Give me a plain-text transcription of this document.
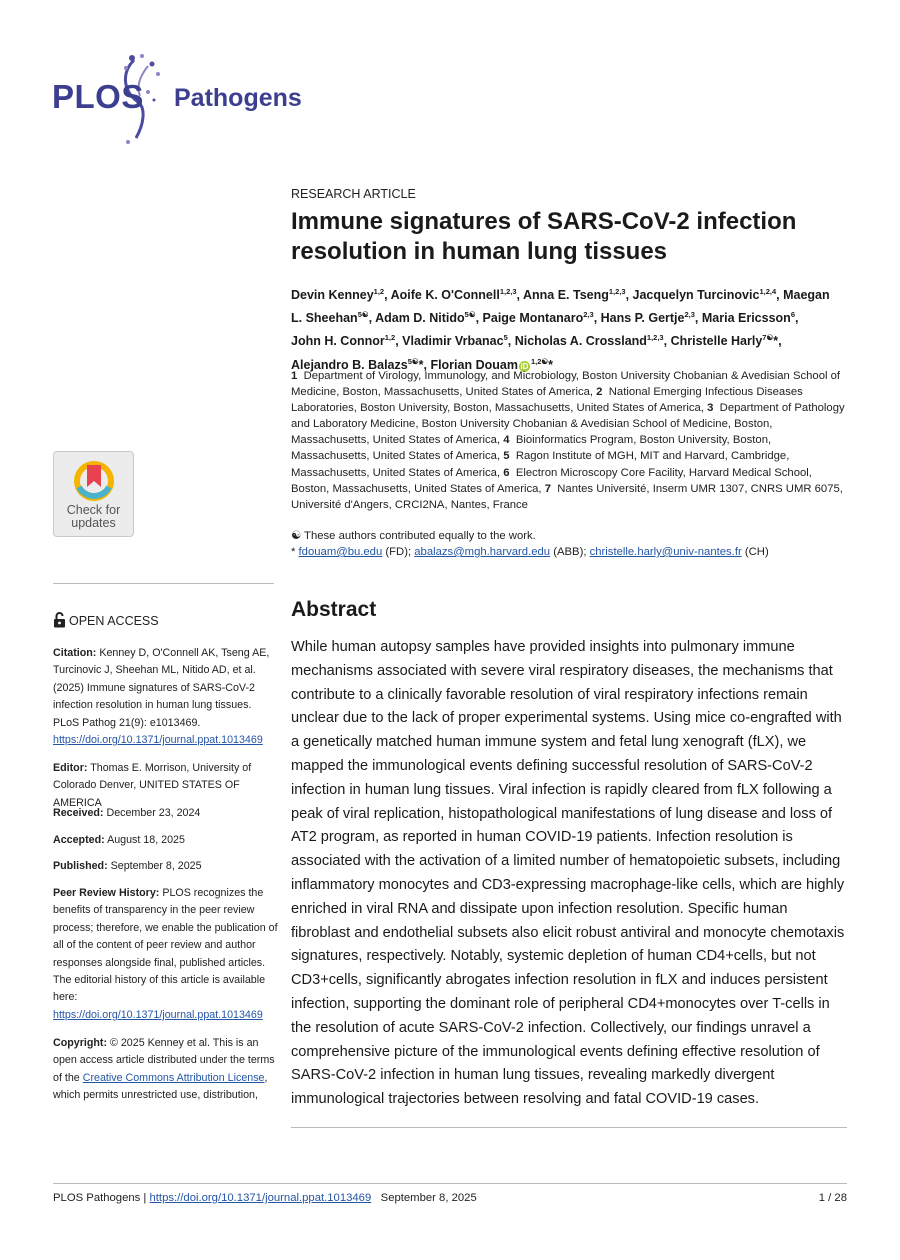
PLOS Pathogens
Check for
updates
OPEN ACCESS
Citation: Kenney D, O'Connell AK, Tseng AE, Turcinovic J, Sheehan ML, Nitido AD, et al. (2025) Immune signatures of SARS-CoV-2 infection resolution in human lung tissues. PLoS Pathog 21(9): e1013469. https://doi.org/10.1371/journal.ppat.1013469
Editor: Thomas E. Morrison, University of Colorado Denver, UNITED STATES OF AMERICA
Received: December 23, 2024
Accepted: August 18, 2025
Published: September 8, 2025
Peer Review History: PLOS recognizes the benefits of transparency in the peer review process; therefore, we enable the publication of all of the content of peer review and author responses alongside final, published articles. The editorial history of this article is available here: https://doi.org/10.1371/journal.ppat.1013469
Copyright: © 2025 Kenney et al. This is an open access article distributed under the terms of the Creative Commons Attribution License, which permits unrestricted use, distribution,
RESEARCH ARTICLE
Immune signatures of SARS-CoV-2 infection resolution in human lung tissues
Devin Kenney$^{1,2}$, Aoife K. O'Connell$^{1,2,3}$, Anna E. Tseng$^{1,2,3}$, Jacquelyn Turcinovic$^{1,2,4}$, Maegan L. Sheehan$^{5☯}$, Adam D. Nitido$^{5☯}$, Paige Montanaro$^{2,3}$, Hans P. Gertje$^{2,3}$, Maria Ericsson$^6$, John H. Connor$^{1,2}$, Vladimir Vrbanac$^5$, Nicholas A. Crossland$^{1,2,3}$, Christelle Harly$^{7☯}$*, Alejandro B. Balazs$^{5☯}$*, Florian Douam $iD^{1,2☯}*$
1 Department of Virology, Immunology, and Microbiology, Boston University Chobanian & Avedisian School of Medicine, Boston, Massachusetts, United States of America, 2 National Emerging Infectious Diseases Laboratories, Boston University, Boston, Massachusetts, United States of America, 3 Department of Pathology and Laboratory Medicine, Boston University Chobanian & Avedisian School of Medicine, Boston, Massachusetts, United States of America, 4 Bioinformatics Program, Boston University, Boston, Massachusetts, United States of America, 5 Ragon Institute of MGH, MIT and Harvard, Cambridge, Massachusetts, United States of America, 6 Electron Microscopy Core Facility, Harvard Medical School, Boston, Massachusetts, United States of America, 7 Nantes Université, Inserm UMR 1307, CNRS UMR 6075, Université d'Angers, CRCI2NA, Nantes, France
☯ These authors contributed equally to the work.
* fdouam@bu.edu (FD); abalazs@mgh.harvard.edu (ABB); christelle.harly@univ-nantes.fr (CH)
Abstract

While human autopsy samples have provided insights into pulmonary immune mechanisms associated with severe viral respiratory diseases, the mechanisms that contribute to a clinically favorable resolution of viral respiratory infections remain unclear due to the lack of proper experimental systems. Using mice co-engrafted with a genetically matched human immune system and fetal lung xenograft (fLX), we mapped the immunological events defining successful resolution of SARS-CoV-2 infection in human lung tissues. Viral infection is rapidly cleared from fLX following a peak of viral replication, histopathological manifestations of lung disease and loss of AT2 program, as reported in human COVID-19 patients. Infection resolution is associated with the activation of a limited number of hematopoietic subsets, including inflammatory monocytes and CD3-expressing macrophage-like cells, which are highly enriched in viral RNA and dissipate upon infection resolution. Specific human fibroblast and endothelial subsets also elicit robust antiviral and monocyte chemotaxis signatures, respectively. Notably, systemic depletion of human CD4+cells, but not CD3+cells, significantly abrogates infection resolution in fLX and induces persistent infection, supporting the dominant role of peripheral CD4+monocytes over T-cells in the resolution of acute SARS-CoV-2 infection. Collectively, our findings unravel a comprehensive picture of the immunological events defining effective resolution of SARS-CoV-2 infection in human lung tissues, revealing markedly divergent immunological trajectories between resolving and fatal COVID-19 cases.

PLOS Pathogens | https://doi.org/10.1371/journal.ppat.1013469 September 8, 2025	1 / 28
